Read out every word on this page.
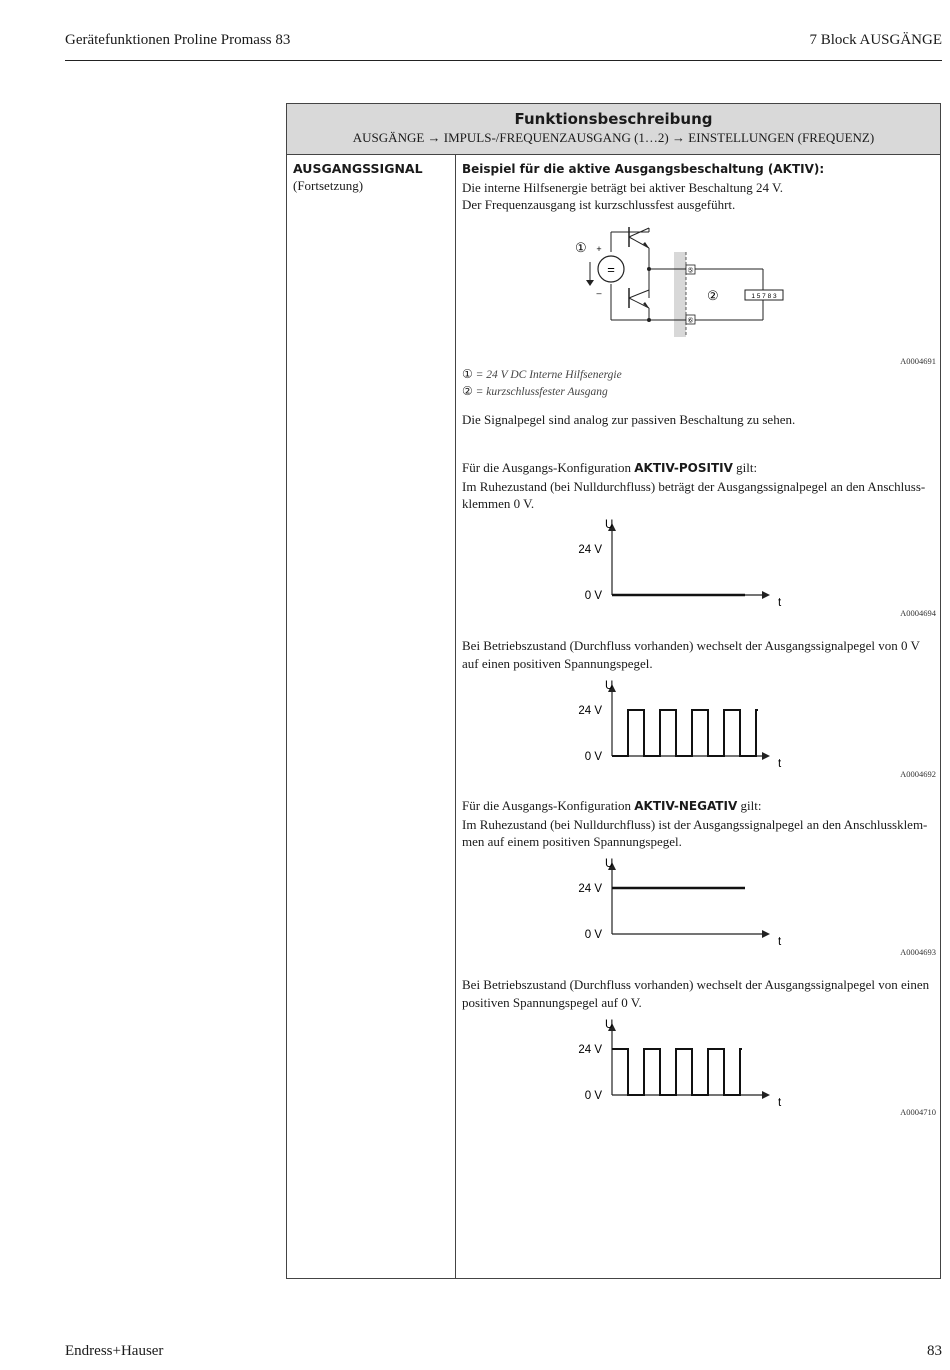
Gerätefunktionen Proline Promass 83	7 Block AUSGÄNGE
Funktionsbeschreibung
AUSGÄNGE → IMPULS-/FREQUENZAUSGANG (1…2) → EINSTELLUNGEN (FREQUENZ)
AUSGANGSSIGNAL
(Fortsetzung)
Beispiel für die aktive Ausgangsbeschaltung (AKTIV):
Die interne Hilfsenergie beträgt bei aktiver Beschaltung 24 V.
Der Frequenzausgang ist kurzschlussfest ausgeführt.
=
+
–
①
⑤
⑥
1 5 7 8 3
②
A0004691
① = 24 V DC Interne Hilfsenergie
② = kurzschlussfester Ausgang
Die Signalpegel sind analog zur passiven Beschaltung zu sehen.
Für die Ausgangs-Konfiguration AKTIV-POSITIV gilt:
Im Ruhezustand (bei Nulldurchfluss) beträgt der Ausgangssignalpegel an den Anschluss-
klemmen 0 V.
U
t
24 V
0 V
A0004694
Bei Betriebszustand (Durchfluss vorhanden) wechselt der Ausgangssignalpegel von 0 V
auf einen positiven Spannungspegel.
U
t
24 V
0 V
A0004692
Für die Ausgangs-Konfiguration AKTIV-NEGATIV gilt:
Im Ruhezustand (bei Nulldurchfluss) ist der Ausgangssignalpegel an den Anschlussklem-
men auf einem positiven Spannungspegel.
U
t
24 V
0 V
A0004693
Bei Betriebszustand (Durchfluss vorhanden) wechselt der Ausgangssignalpegel von einen
positiven Spannungspegel auf 0 V.
U
t
24 V
0 V
A0004710
Endress+Hauser	83
